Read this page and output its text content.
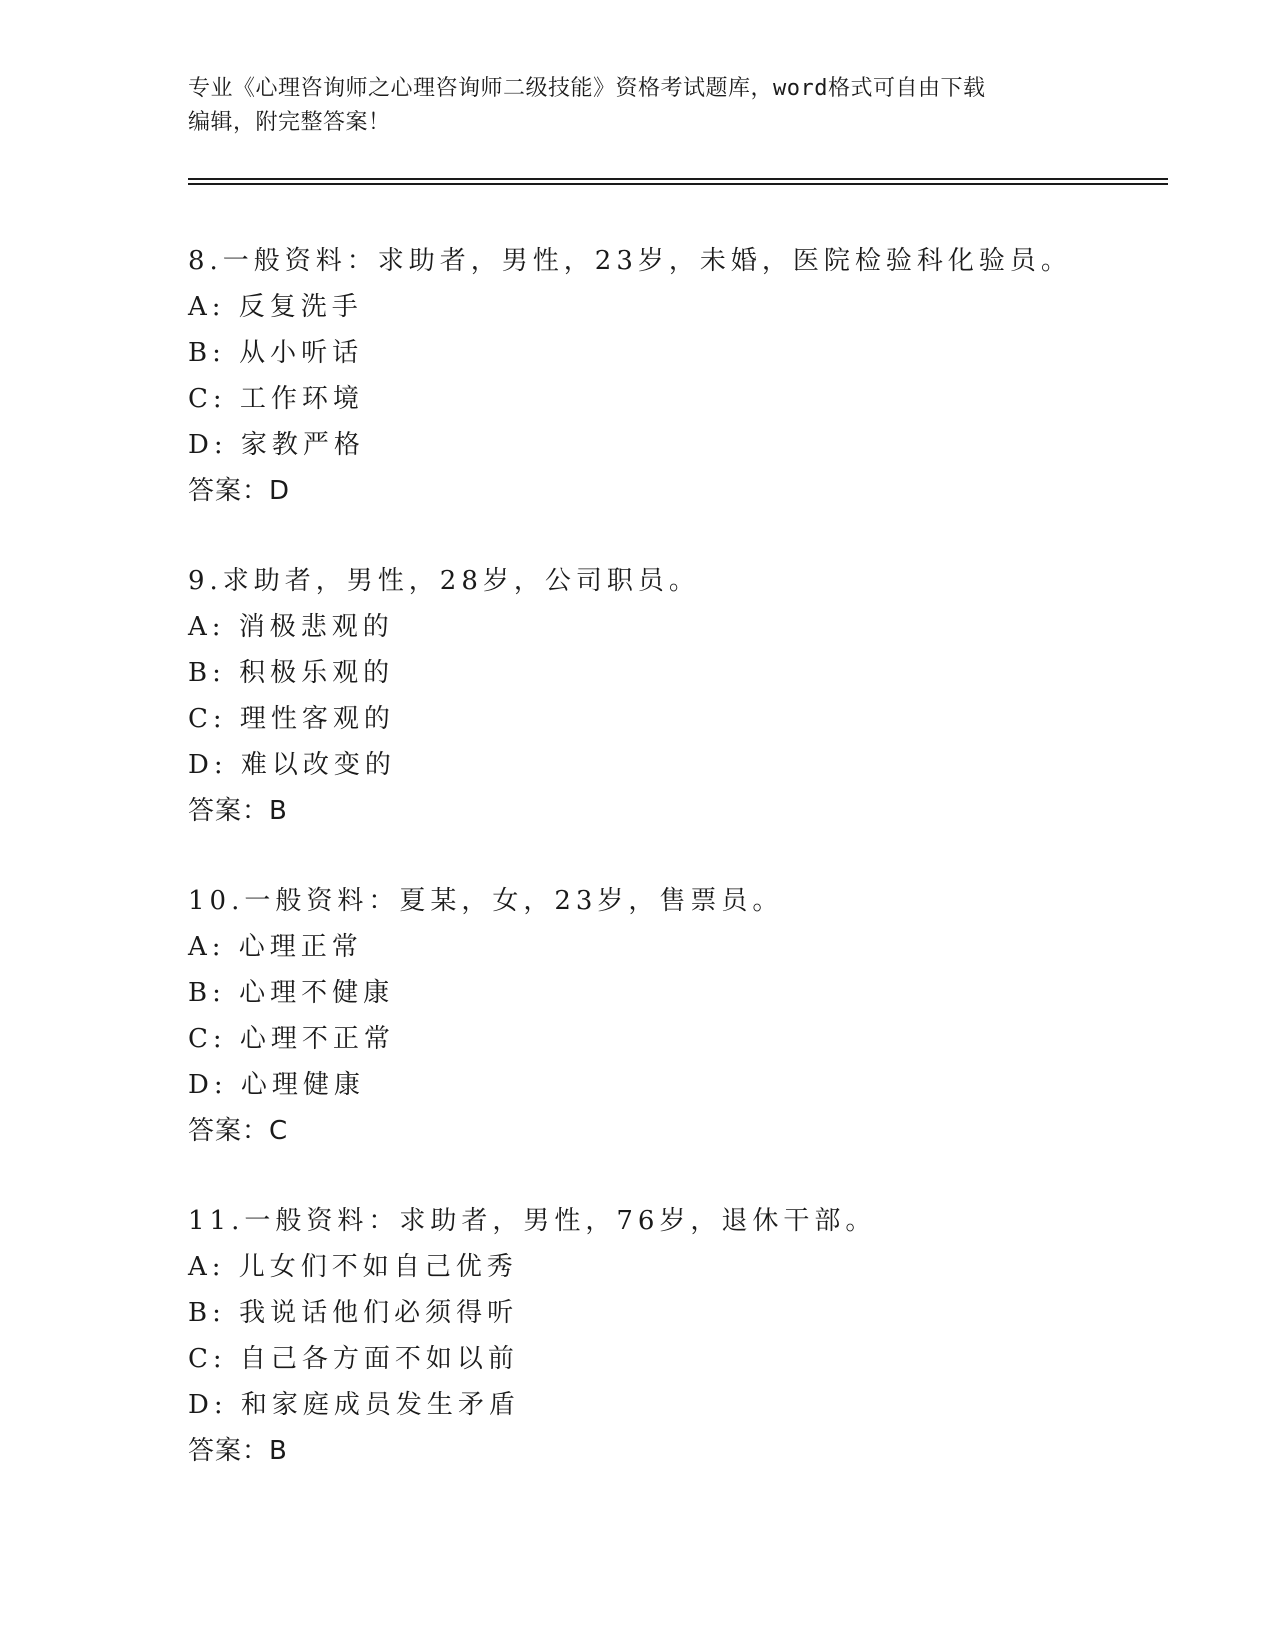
专业《心理咨询师之心理咨询师二级技能》资格考试题库，word格式可自由下载
编辑，附完整答案！
8.一般资料：求助者，男性，23岁，未婚，医院检验科化验员。
A: 反复洗手
B: 从小听话
C: 工作环境
D: 家教严格
答案：D
9.求助者，男性，28岁，公司职员。
A: 消极悲观的
B: 积极乐观的
C: 理性客观的
D: 难以改变的
答案：B
10.一般资料：夏某，女，23岁，售票员。
A: 心理正常
B: 心理不健康
C: 心理不正常
D: 心理健康
答案：C
11.一般资料：求助者，男性，76岁，退休干部。
A: 儿女们不如自己优秀
B: 我说话他们必须得听
C: 自己各方面不如以前
D: 和家庭成员发生矛盾
答案：B
